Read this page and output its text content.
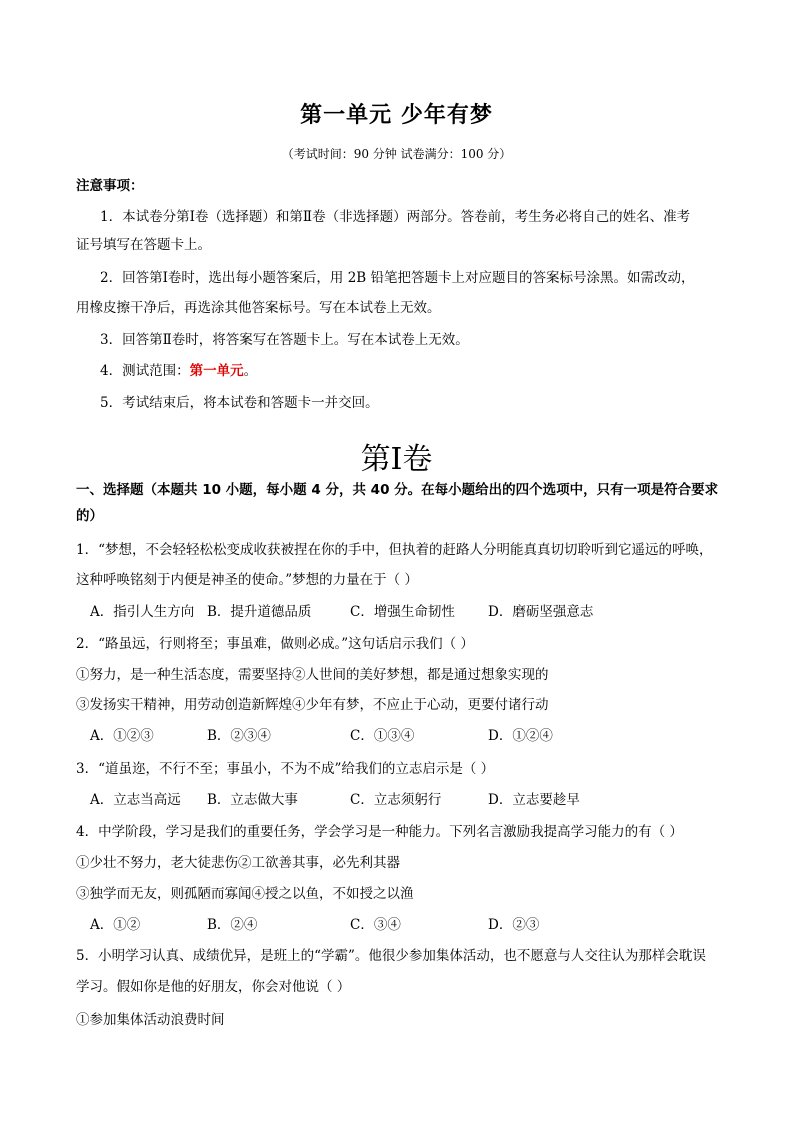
第一单元 少年有梦
（考试时间：90 分钟 试卷满分：100 分）
注意事项：
1．本试卷分第Ⅰ卷（选择题）和第Ⅱ卷（非选择题）两部分。答卷前，考生务必将自己的姓名、准考
证号填写在答题卡上。
2．回答第Ⅰ卷时，选出每小题答案后，用 2B 铅笔把答题卡上对应题目的答案标号涂黑。如需改动，
用橡皮擦干净后，再选涂其他答案标号。写在本试卷上无效。
3．回答第Ⅱ卷时，将答案写在答题卡上。写在本试卷上无效。
4．测试范围：第一单元。
5．考试结束后，将本试卷和答题卡一并交回。
第I卷
一、选择题（本题共 10 小题，每小题 4 分，共 40 分。在每小题给出的四个选项中，只有一项是符合要求
的）
1．“梦想，不会轻轻松松变成收获被捏在你的手中，但执着的赶路人分明能真真切切聆听到它遥远的呼唤，
这种呼唤铭刻于内便是神圣的使命。”梦想的力量在于（ ）
A．指引人生方向 B．提升道德品质	C．增强生命韧性 D．磨砺坚强意志
2．“路虽远，行则将至；事虽难，做则必成。”这句话启示我们（ ）
①努力，是一种生活态度，需要坚持②人世间的美好梦想，都是通过想象实现的
③发扬实干精神，用劳动创造新辉煌④少年有梦，不应止于心动，更要付诸行动
A．①②③	B．②③④	C．①③④	D．①②④
3．“道虽迩，不行不至；事虽小，不为不成”给我们的立志启示是（ ）
A．立志当高远 B．立志做大事	C．立志须躬行	D．立志要趁早
4．中学阶段，学习是我们的重要任务，学会学习是一种能力。下列名言激励我提高学习能力的有（ ）
①少壮不努力，老大徒悲伤②工欲善其事，必先利其器
③独学而无友，则孤陋而寡闻④授之以鱼，不如授之以渔
A．①②	B．②④	C．③④	D．②③
5．小明学习认真、成绩优异，是班上的“学霸”。他很少参加集体活动，也不愿意与人交往认为那样会耽误
学习。假如你是他的好朋友，你会对他说（ ）
①参加集体活动浪费时间
